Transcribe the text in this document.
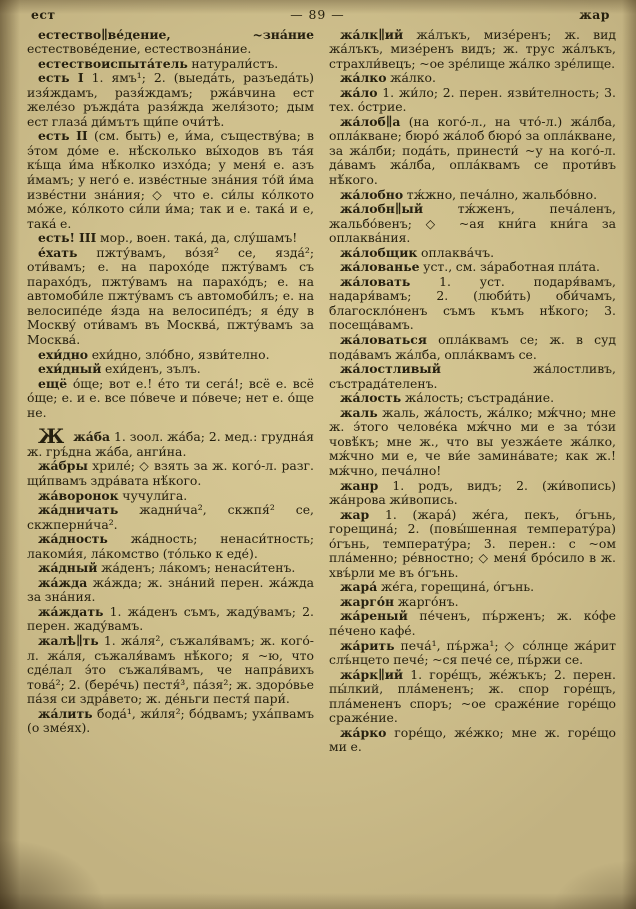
ест	— 89 —	жар

естество∥ве́дение, ~зна́ние естествове́дение, естествозна́ние.

естествоиспыта́тель натурали́стъ.

есть I 1. ямъ¹; 2. (выеда́ть, разъеда́ть) изя́ждамъ, разя́ждамъ; ржа́вчина ест желе́зо ръжда́та разя́жда желя́зото; дым ест глаза́ ди́мътъ щи́пе очи́тѣ.

есть II (см. быть) е, и́ма, съществу́ва; в э́том до́ме е. нѣ́сколько вы́ходов въ та́я къ́ща и́ма нѣ́колко изхо́да; у меня́ е. азъ и́мамъ; у него́ е. изве́стные зна́ния то́й и́ма изве́стни зна́ния; ◇ что е. си́лы ко́лкото мо́же, ко́лкото си́ли и́ма; так и е. така́ и е, така́ е.

есть! III мор., воен. така́, да, слу́шамъ!

е́хать пжту́вамъ, во́зя² се, язда́²; оти́вамъ; е. на парохо́де пжту́вамъ съ парахо́дъ, пжту́вамъ на парахо́дъ; е. на автомоби́ле пжту́вамъ съ автомоби́лъ; е. на велосипе́де я́зда на велосипе́дъ; я е́ду в Москву́ оти́вамъ въ Москва́, пжту́вамъ за Москва́.

ехи́дно ехи́дно, зло́бно, язви́телно.

ехи́дный ехи́денъ, зълъ.

ещё о́ще; вот е.! е́то ти сега́!; всё е. всё о́ще; е. и е. все по́вече и по́вече; нет е. о́ще не.

Ж жа́ба 1. зоол. жа́ба; 2. мед.: грудна́я ж. гръ́дна жа́ба, анги́на.

жа́бры хриле́; ◇ взять за ж. кого́-л. разг. щи́пвамъ здра́вата нѣ́кого.

жа́воронок чучули́га.

жа́дничать жадни́ча², скжпя́² се, скжперни́ча².

жа́дность жа́дность; ненаси́тность; лакоми́я, ла́комство (то́лько к еде́).

жа́дный жа́денъ; ла́комъ; ненаси́тенъ.

жа́жда жа́жда; ж. зна́ний перен. жа́жда за зна́ния.

жа́ждать 1. жа́денъ съмъ, жаду́вамъ; 2. перен. жаду́вамъ.

жалѣ∥ть 1. жа́ля², съжаля́вамъ; ж. кого́-л. жа́ля, съжаля́вамъ нѣ́кого; я ~ю, что сде́лал э́то съжаля́вамъ, че напра́вихъ това́²; 2. (бере́чь) пестя́³, па́зя²; ж. здоро́вье па́зя си здра́вето; ж. де́ньги пестя́ пари́.

жа́лить бода́¹, жи́ля²; бо́двамъ; уха́пвамъ (о зме́ях).

жа́лк∥ий жа́лъкъ, мизе́ренъ; ж. вид жа́лъкъ, мизе́ренъ видъ; ж. трус жа́лъкъ, страхли́вецъ; ~ое зре́лище жа́лко зре́лище.

жа́лко жа́лко.

жа́ло 1. жи́ло; 2. перен. язви́телность; 3. тех. о́стрие.

жа́лоб∥а (на кого́-л., на что́-л.) жа́лба, опла́кване; бюро́ жа́лоб бюро́ за опла́кване, за жа́лби; пода́ть, принести́ ~у на кого́-л. да́вамъ жа́лба, опла́квамъ се проти́въ нѣ́кого.

жа́лобно тж́жно, печа́лно, жальбо́вно.

жа́лобн∥ый тж́женъ, печа́ленъ, жальбо́венъ; ◇ ~ая кни́га кни́га за оплаква́ния.

жа́лобщик оплаква́чъ.

жа́лованье уст., см. за́работная пла́та.

жа́ловать 1. уст. подаря́вамъ, надаря́вамъ; 2. (люби́ть) оби́чамъ, благоскло́ненъ съмъ къмъ нѣ́кого; 3. посеща́вамъ.

жа́ловаться опла́квамъ се; ж. в суд пода́вамъ жа́лба, опла́квамъ се.

жа́лостливый жа́лостливъ, състрада́теленъ.

жа́лость жа́лость; състрада́ние.

жаль жаль, жа́лость, жа́лко; мж́чно; мне ж. э́того челове́ка мж́чно ми е за то́зи човѣ́къ; мне ж., что вы уезжа́ете жа́лко, мж́чно ми е, че ви́е замина́вате; как ж.! мж́чно, печа́лно!

жанр 1. родъ, видъ; 2. (жи́вопись) жа́нрова жи́вопись.

жар 1. (жара́) же́га, пекъ, о́гънь, горещина́; 2. (повы́шенная температу́ра) о́гънь, температу́ра; 3. перен.: с ~ом пла́менно; ре́вностно; ◇ меня́ бро́сило в ж. хвъ́рли ме въ о́гънь.

жара́ же́га, горещина́, о́гънь.

жарго́н жарго́нъ.

жа́реный пе́ченъ, пъ́рженъ; ж. ко́фе пе́чено кафе́.

жа́рить печа́¹, пъ́ржа¹; ◇ со́лнце жа́рит слъ́нцето пече́; ~ся пече́ се, пъ́ржи се.

жа́рк∥ий 1. горе́щъ, же́жъкъ; 2. перен. пы́лкий, пла́мененъ; ж. спор горе́щъ, пла́мененъ споръ; ~ое сраже́ние горе́що сраже́ние.

жа́рко горе́що, же́жко; мне ж. горе́що ми е.
